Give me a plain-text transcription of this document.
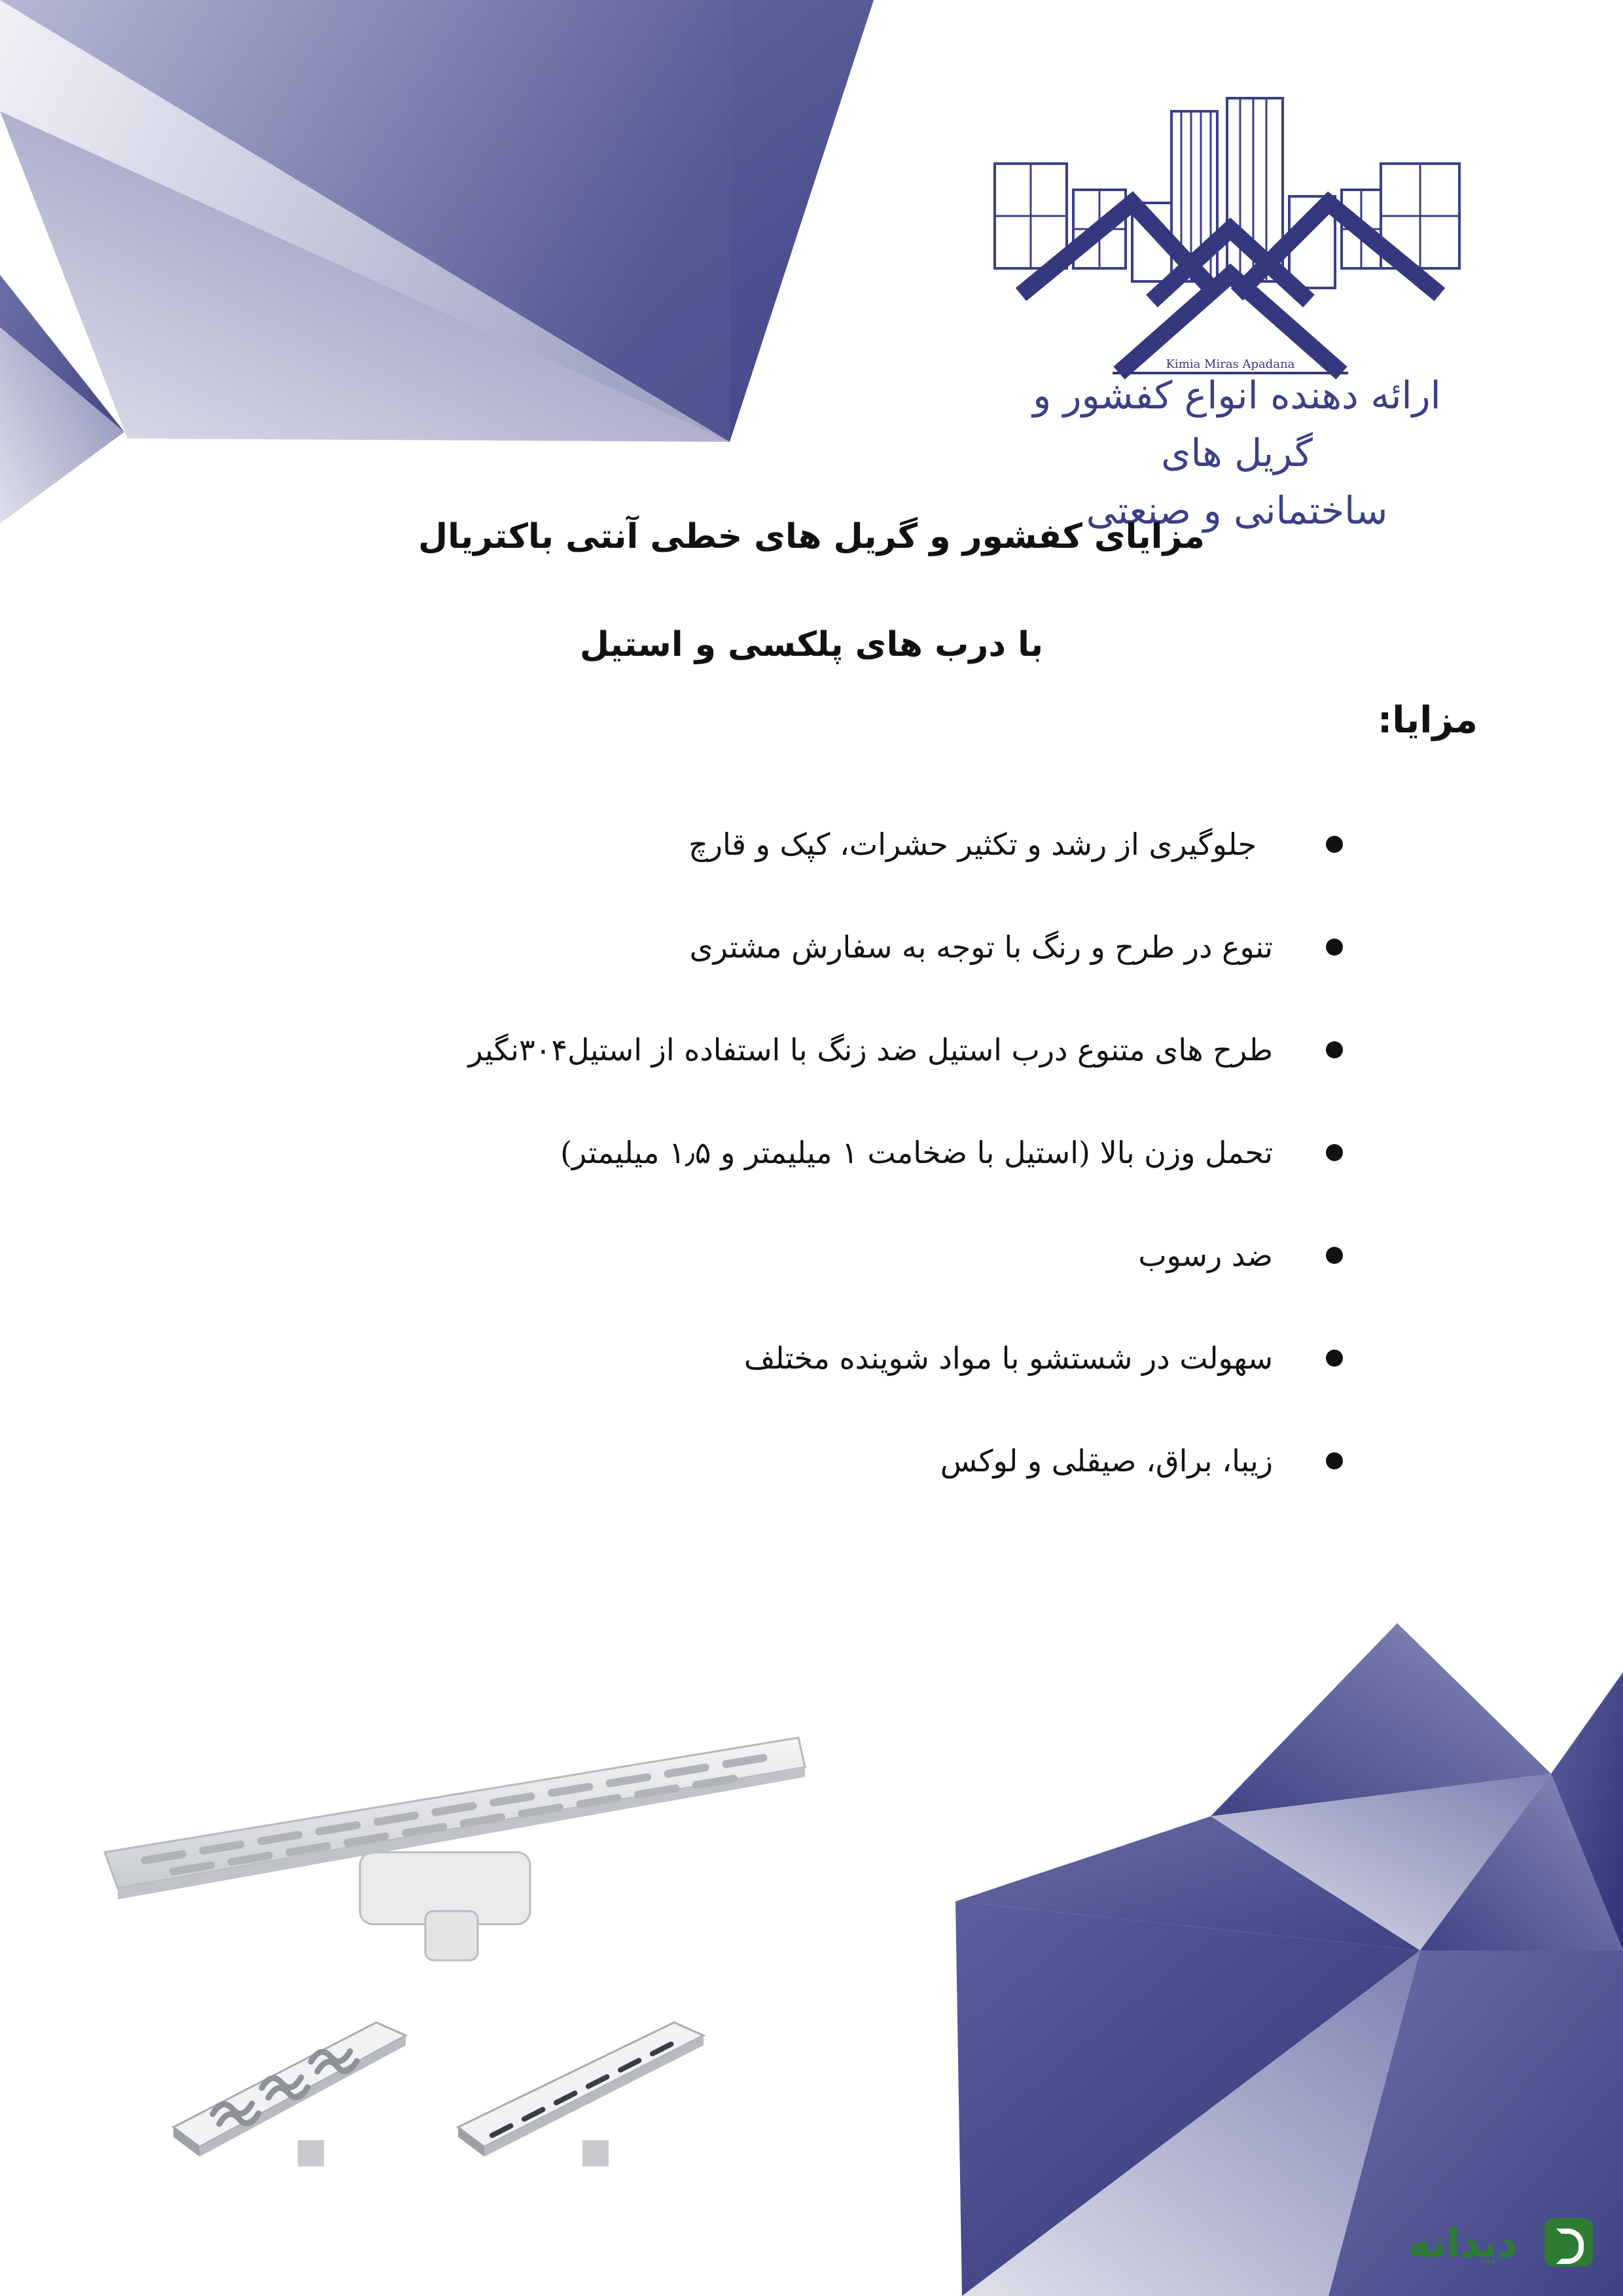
Kimia Miras Apadana
ارائه دهنده انواع کفشور و گریل های
ساختمانی و صنعتی
مزایای کفشور و گریل های خطی آنتی باکتریال
با درب های پلکسی و استیل
مزایا:
جلوگیری از رشد و تکثیر حشرات، کپک و قارچ
تنوع در طرح و رنگ با توجه به سفارش مشتری
طرح های متنوع درب استیل ضد زنگ با استفاده از استیل۳۰۴نگیر
تحمل وزن بالا (استیل با ضخامت ۱ میلیمتر و ۱٫۵ میلیمتر)
ضد رسوب
سهولت در شستشو با مواد شوینده مختلف
زیبا، براق، صیقلی و لوکس
دیدانه
